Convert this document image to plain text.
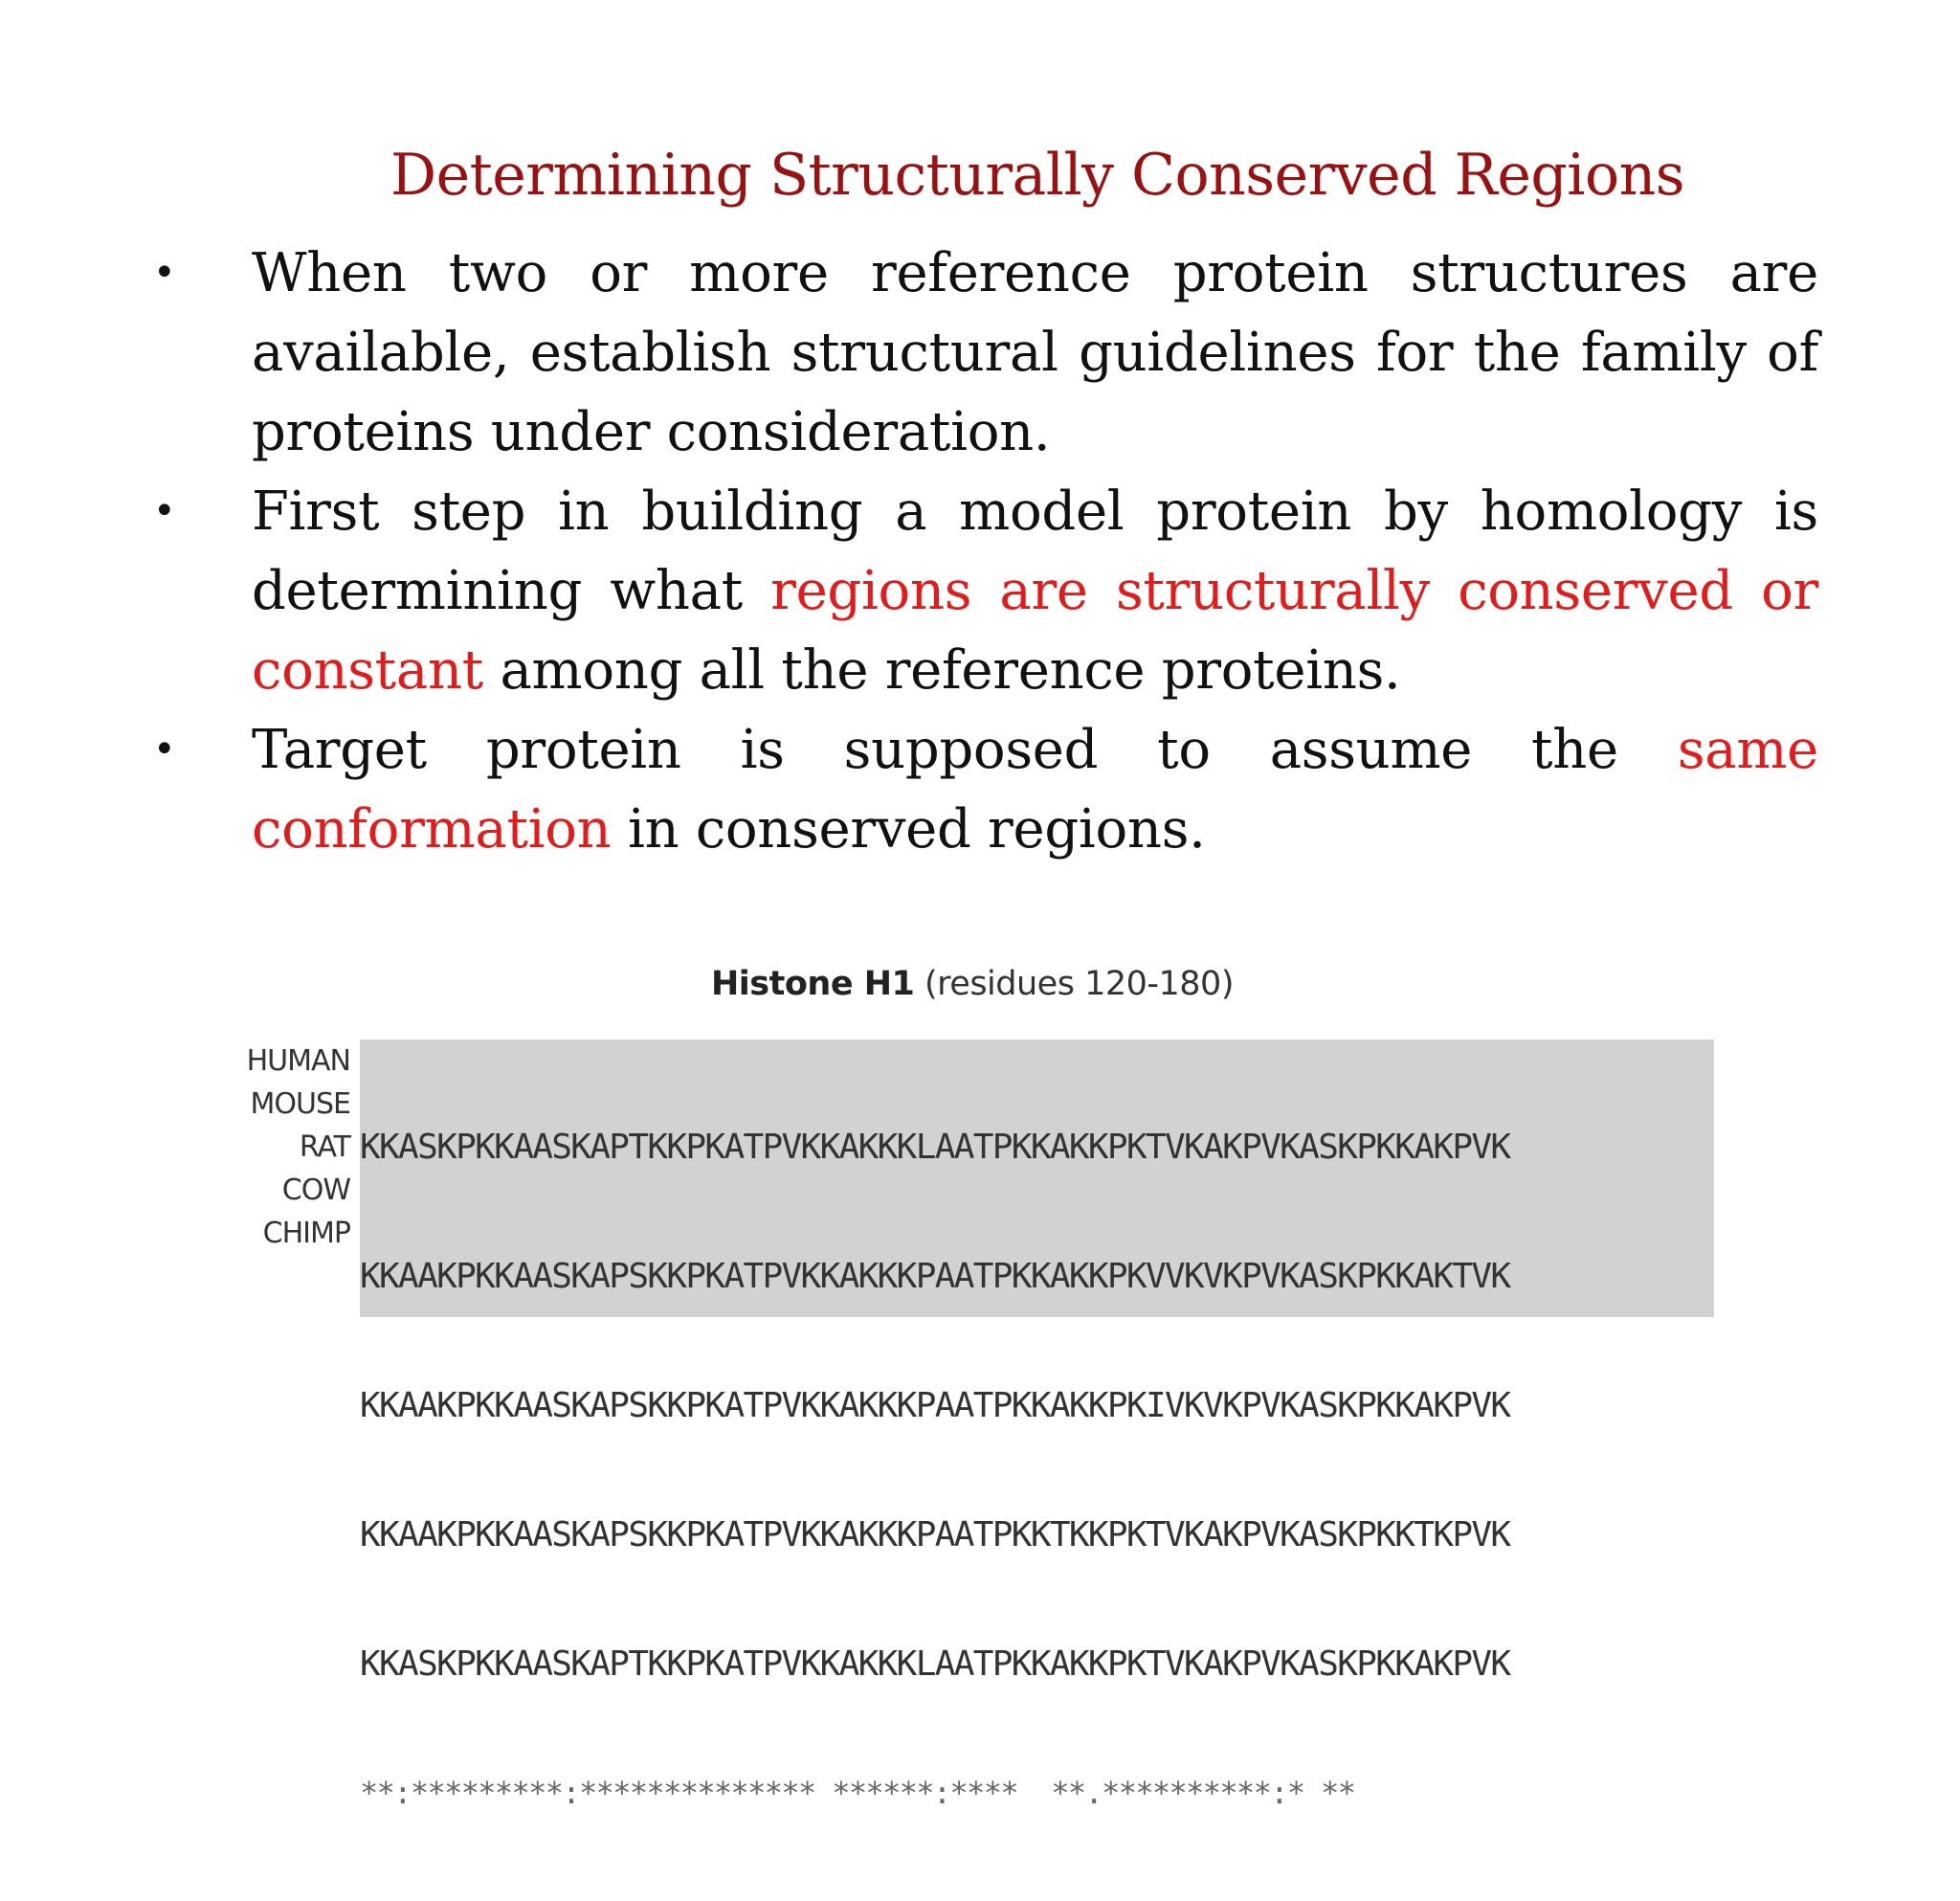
Determining Structurally Conserved Regions
• When two or more reference protein structures are available, establish structural guidelines for the family of proteins under consideration.
• First step in building a model protein by homology is determining what regions are structurally conserved or constant among all the reference proteins.
• Target protein is supposed to assume the same conformation in conserved regions.
Histone H1 (residues 120-180)
HUMAN
MOUSE
RAT
COW
CHIMP

KKASKPKKAASKAPTKKPKATPVKKAKKKLAATPKKAKKPKTVKAKPVKASKPKKAKPVK

KKAAKPKKAASKAPSKKPKATPVKKAKKKPAATPKKAKKPKVVKVKPVKASKPKKAKTVK

KKAAKPKKAASKAPSKKPKATPVKKAKKKPAATPKKAKKPKIVKVKPVKASKPKKAKPVK

KKAAKPKKAASKAPSKKPKATPVKKAKKKPAATPKKTKKPKTVKAKPVKASKPKKTKPVK

KKASKPKKAASKAPTKKPKATPVKKAKKKLAATPKKAKKPKTVKAKPVKASKPKKAKPVK

**:*********:************** ******:****  **.**********:* **
